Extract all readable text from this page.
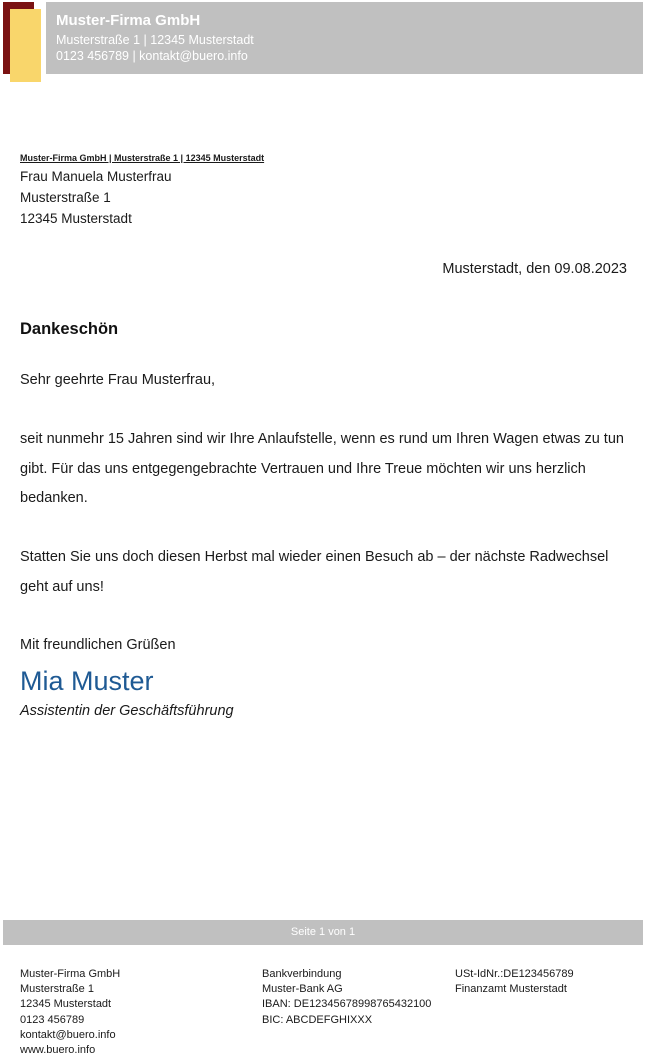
Muster-Firma GmbH
Musterstraße 1 | 12345 Musterstadt
0123 456789 | kontakt@buero.info
Muster-Firma GmbH | Musterstraße 1 | 12345 Musterstadt
Frau Manuela Musterfrau
Musterstraße 1
12345 Musterstadt
Musterstadt, den 09.08.2023
Dankeschön
Sehr geehrte Frau Musterfrau,
seit nunmehr 15 Jahren sind wir Ihre Anlaufstelle, wenn es rund um Ihren Wagen etwas zu tun gibt. Für das uns entgegengebrachte Vertrauen und Ihre Treue möchten wir uns herzlich bedanken.
Statten Sie uns doch diesen Herbst mal wieder einen Besuch ab – der nächste Radwechsel geht auf uns!
Mit freundlichen Grüßen
Mia Muster
Assistentin der Geschäftsführung
Seite 1 von 1
Muster-Firma GmbH
Musterstraße 1
12345 Musterstadt
0123 456789
kontakt@buero.info
www.buero.info
Bankverbindung
Muster-Bank AG
IBAN: DE12345678998765432100
BIC: ABCDEFGHIXXX
USt-IdNr.:DE123456789
Finanzamt Musterstadt
